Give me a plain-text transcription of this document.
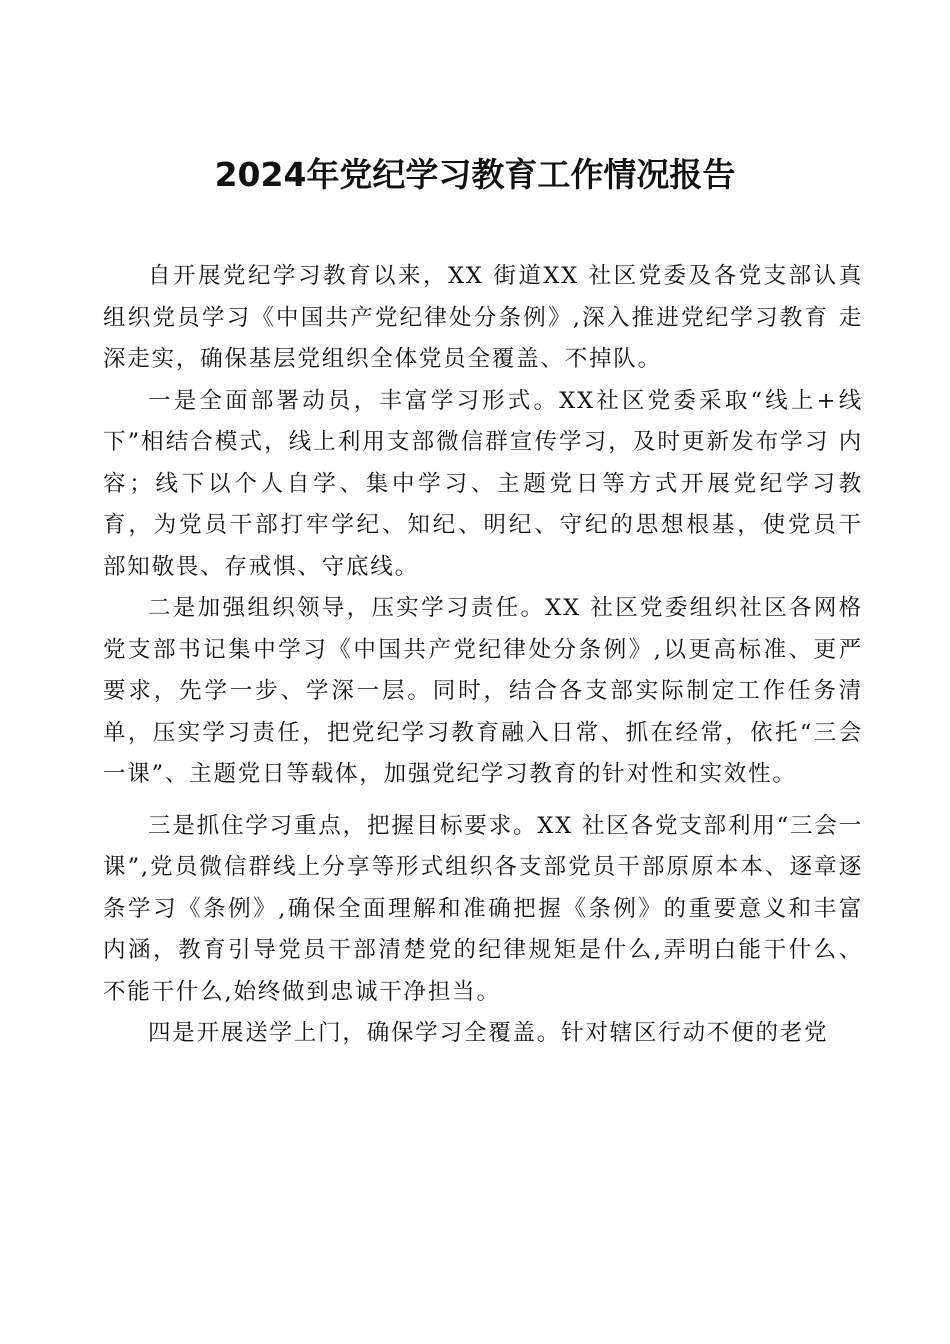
2024年党纪学习教育工作情况报告

自开展党纪学习教育以来，XX 街道XX 社区党委及各党支部认真 组织党员学习《中国共产党纪律处分条例》,深入推进党纪学习教育 走深走实，确保基层党组织全体党员全覆盖、不掉队。

一是全面部署动员，丰富学习形式。XX社区党委采取“线上+线 下”相结合模式，线上利用支部微信群宣传学习，及时更新发布学习 内容；线下以个人自学、集中学习、主题党日等方式开展党纪学习教 育，为党员干部打牢学纪、知纪、明纪、守纪的思想根基，使党员干 部知敬畏、存戒惧、守底线。

二是加强组织领导，压实学习责任。XX 社区党委组织社区各网格党支部书记集中学习《中国共产党纪律处分条例》,以更高标准、更严要求，先学一步、学深一层。同时，结合各支部实际制定工作任务清单，压实学习责任，把党纪学习教育融入日常、抓在经常，依托“三会一课”、主题党日等载体，加强党纪学习教育的针对性和实效性。

三是抓住学习重点，把握目标要求。XX 社区各党支部利用“三会一课”,党员微信群线上分享等形式组织各支部党员干部原原本本、逐章逐条学习《条例》,确保全面理解和准确把握《条例》的重要意义和丰富内涵，教育引导党员干部清楚党的纪律规矩是什么,弄明白能干什么、不能干什么,始终做到忠诚干净担当。

四是开展送学上门，确保学习全覆盖。针对辖区行动不便的老党
